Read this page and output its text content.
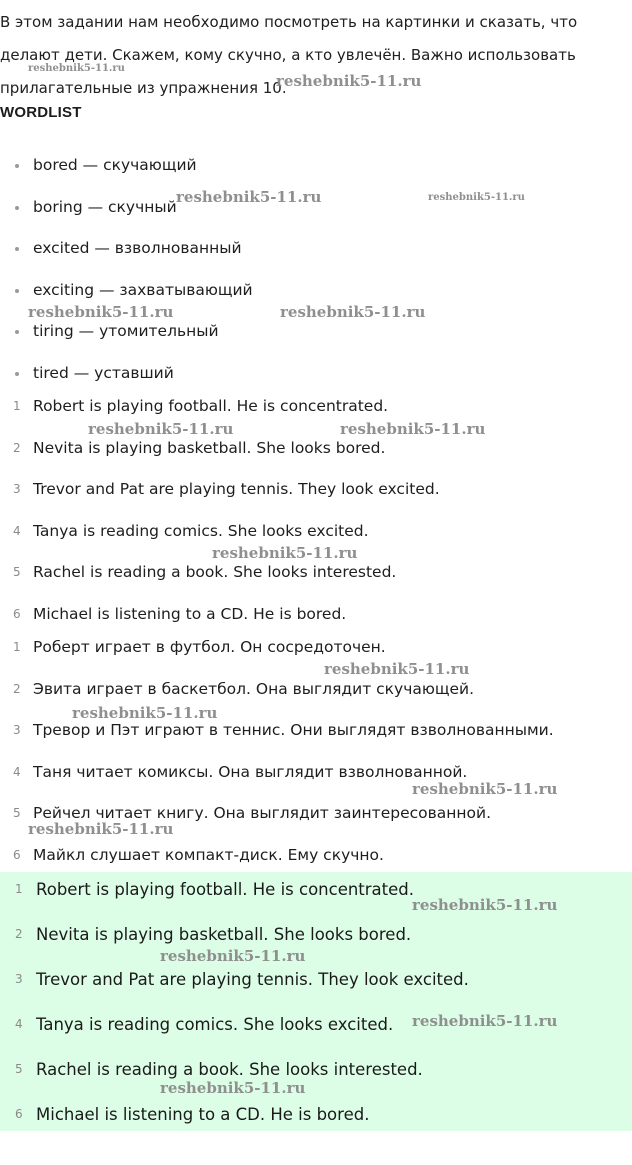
В этом задании нам необходимо посмотреть на картинки и сказать, что делают дети. Скажем, кому скучно, а кто увлечён. Важно использовать прилагательные из упражнения 10.

WORDLIST
bored — скучающий
boring — скучный
excited — взволнованный
exciting — захватывающий
tiring — утомительный
tired — уставший
1 Robert is playing football. He is concentrated.
2 Nevita is playing basketball. She looks bored.
3 Trevor and Pat are playing tennis. They look excited.
4 Tanya is reading comics. She looks excited.
5 Rachel is reading a book. She looks interested.
6 Michael is listening to a CD. He is bored.
1 Роберт играет в футбол. Он сосредоточен.
2 Эвита играет в баскетбол. Она выглядит скучающей.
3 Тревор и Пэт играют в теннис. Они выглядят взволнованными.
4 Таня читает комиксы. Она выглядит взволнованной.
5 Рейчел читает книгу. Она выглядит заинтересованной.
6 Майкл слушает компакт-диск. Ему скучно.
1 Robert is playing football. He is concentrated.
2 Nevita is playing basketball. She looks bored.
3 Trevor and Pat are playing tennis. They look excited.
4 Tanya is reading comics. She looks excited.
5 Rachel is reading a book. She looks interested.
6 Michael is listening to a CD. He is bored.
reshebnik5-11.ru
reshebnik5-11.ru
reshebnik5-11.ru	reshebnik5-11.ru
reshebnik5-11.ru	reshebnik5-11.ru
reshebnik5-11.ru	reshebnik5-11.ru
reshebnik5-11.ru
reshebnik5-11.ru
reshebnik5-11.ru
reshebnik5-11.ru
reshebnik5-11.ru
reshebnik5-11.ru
reshebnik5-11.ru
reshebnik5-11.ru
reshebnik5-11.ru
